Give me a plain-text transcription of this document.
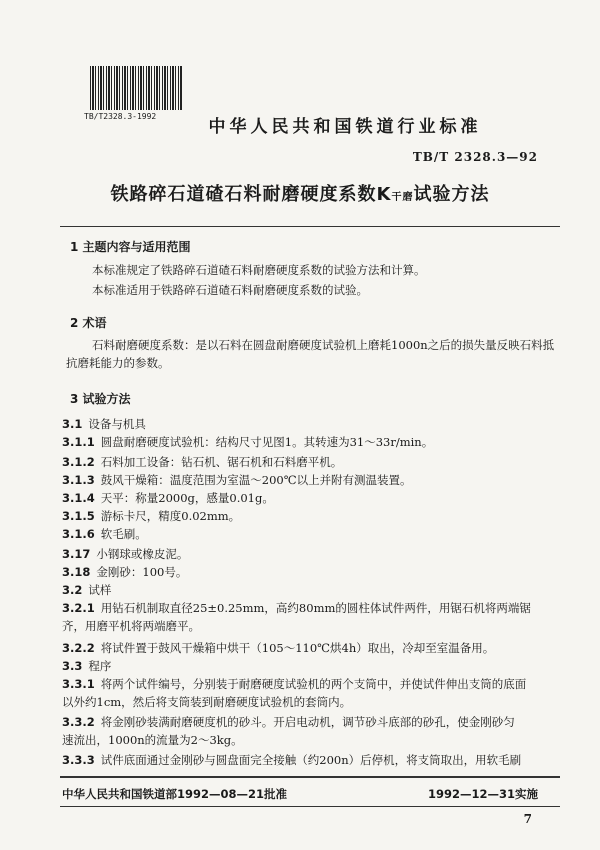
TB/T2328.3-1992
中华人民共和国铁道行业标准
TB/T 2328.3—92
铁路碎石道碴石料耐磨硬度系数K干磨试验方法
1 主题内容与适用范围
本标准规定了铁路碎石道碴石料耐磨硬度系数的试验方法和计算。
本标准适用于铁路碎石道碴石料耐磨硬度系数的试验。
2 术语
石料耐磨硬度系数：是以石料在圆盘耐磨硬度试验机上磨耗1000n之后的损失量反映石料抵抗磨耗能力的参数。
3 试验方法
3.1 设备与机具
3.1.1 圆盘耐磨硬度试验机：结构尺寸见图1。其转速为31～33r/min。
3.1.2 石料加工设备：钻石机、锯石机和石料磨平机。
3.1.3 鼓风干燥箱：温度范围为室温～200℃以上并附有测温装置。
3.1.4 天平：称量2000g，感量0.01g。
3.1.5 游标卡尺，精度0.02mm。
3.1.6 软毛刷。
3.17 小钢球或橡皮泥。
3.18 金刚砂：100号。
3.2 试样
3.2.1 用钻石机制取直径25±0.25mm，高约80mm的圆柱体试件两件，用锯石机将两端锯
齐，用磨平机将两端磨平。
3.2.2 将试件置于鼓风干燥箱中烘干（105～110℃烘4h）取出，冷却至室温备用。
3.3 程序
3.3.1 将两个试件编号，分别装于耐磨硬度试验机的两个支筒中，并使试件伸出支筒的底面
以外约1cm，然后将支筒装到耐磨硬度试验机的套筒内。
3.3.2 将金刚砂装满耐磨硬度机的砂斗。开启电动机，调节砂斗底部的砂孔，使金刚砂匀
速流出，1000n的流量为2～3kg。
3.3.3 试件底面通过金刚砂与圆盘面完全接触（约200n）后停机，将支筒取出，用软毛刷
中华人民共和国铁道部1992—08—21批准	1992—12—31实施
7
